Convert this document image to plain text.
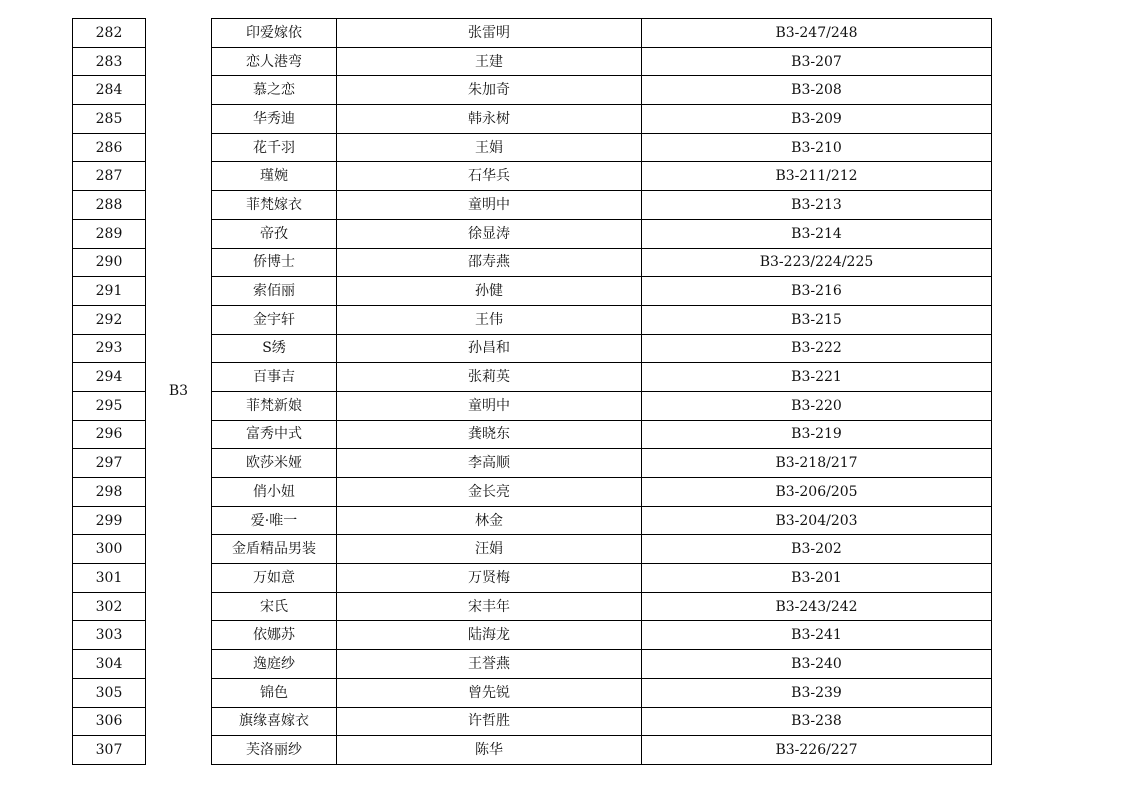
282	B3	印爱嫁依	张雷明	B3-247/248
283		恋人港弯	王建	B3-207
284		慕之恋	朱加奇	B3-208
285		华秀迪	韩永树	B3-209
286		花千羽	王娟	B3-210
287		瑾婉	石华兵	B3-211/212
288		菲梵嫁衣	童明中	B3-213
289		帝孜	徐显涛	B3-214
290		侨博士	邵寿燕	B3-223/224/225
291		索佰丽	孙健	B3-216
292		金宇轩	王伟	B3-215
293		S绣	孙昌和	B3-222
294		百事吉	张莉英	B3-221
295		菲梵新娘	童明中	B3-220
296		富秀中式	龚晓东	B3-219
297		欧莎米娅	李高顺	B3-218/217
298		俏小妞	金长亮	B3-206/205
299		爱·唯一	林金	B3-204/203
300		金盾精品男装	汪娟	B3-202
301		万如意	万贤梅	B3-201
302		宋氏	宋丰年	B3-243/242
303		依娜苏	陆海龙	B3-241
304		逸庭纱	王誉燕	B3-240
305		锦色	曾先锐	B3-239
306		旗缘喜嫁衣	许哲胜	B3-238
307		芙洛丽纱	陈华	B3-226/227
